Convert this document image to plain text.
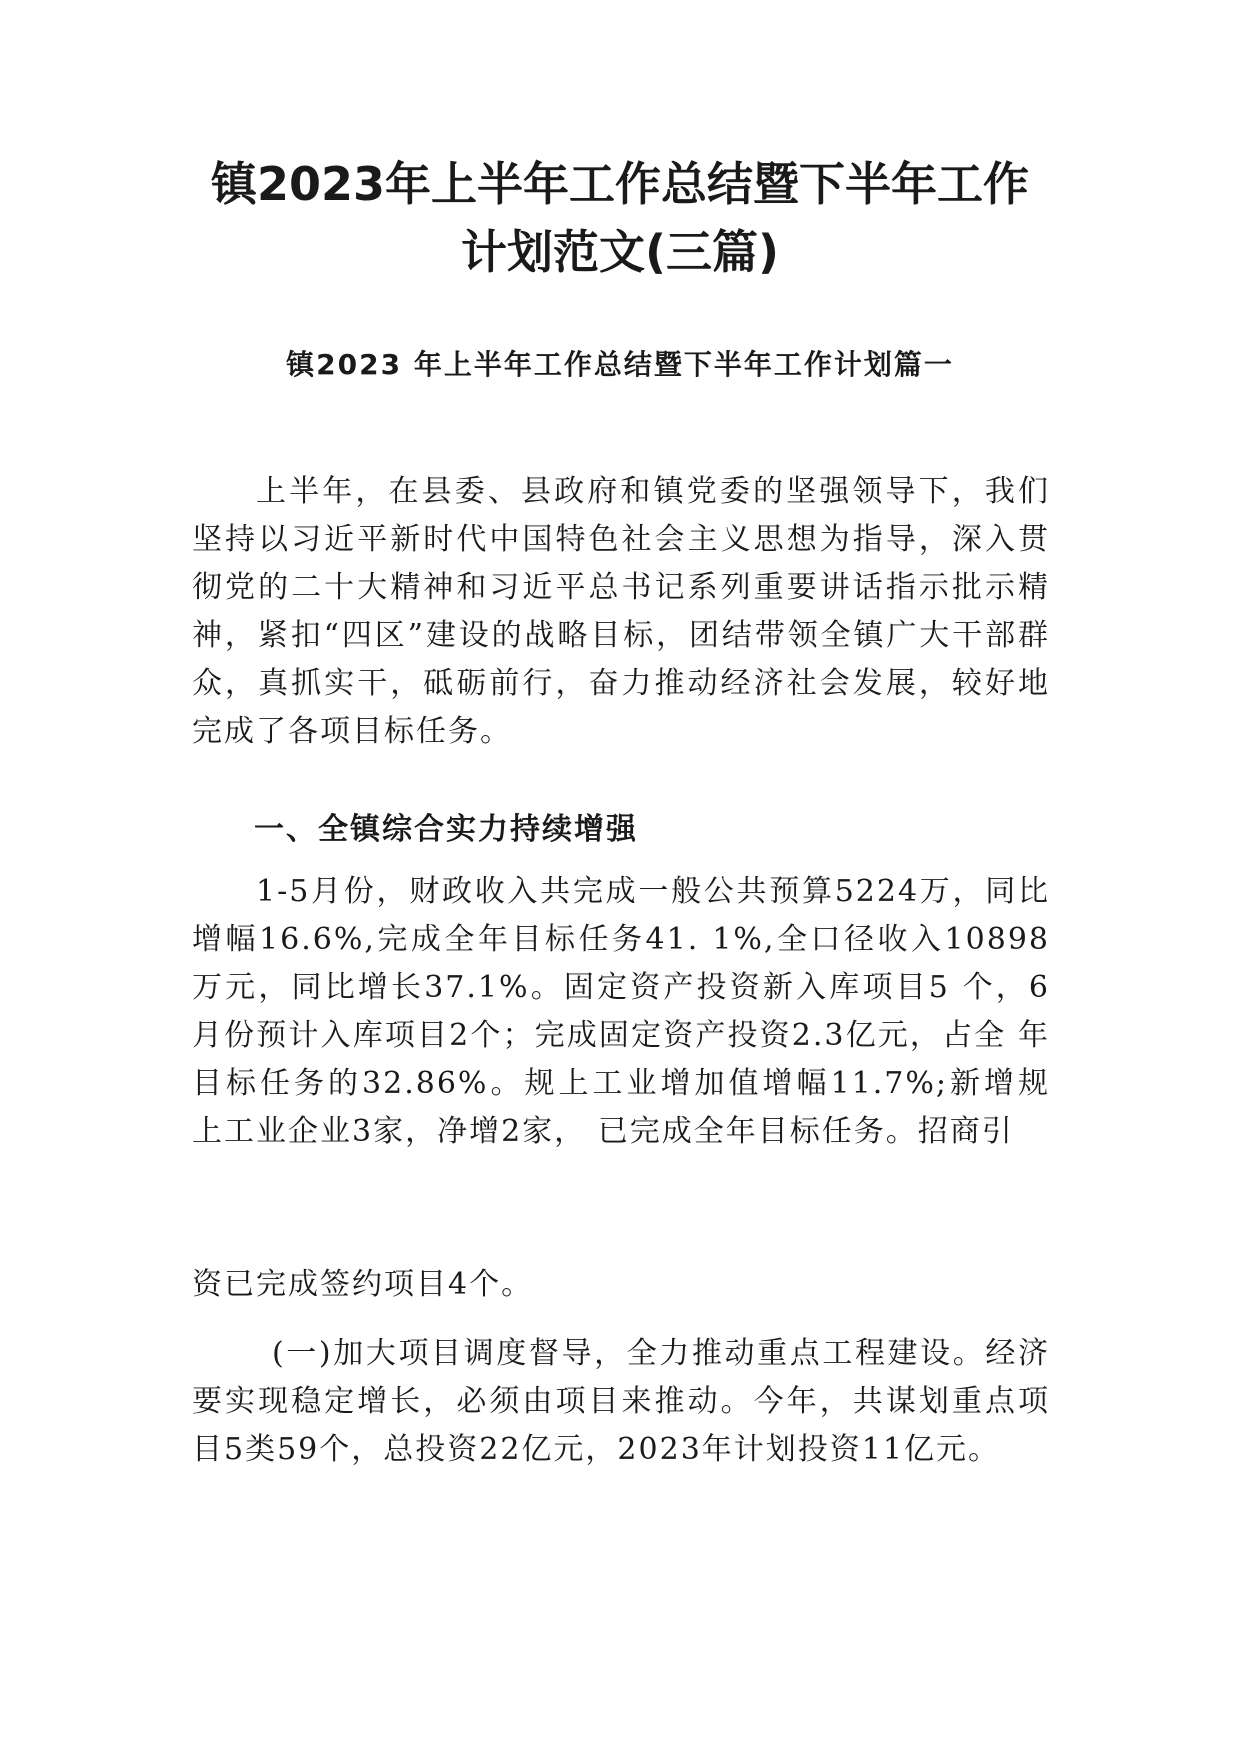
镇2023年上半年工作总结暨下半年工作
计划范文(三篇)
镇2023 年上半年工作总结暨下半年工作计划篇一

上半年，在县委、县政府和镇党委的坚强领导下，我们坚持以习近平新时代中国特色社会主义思想为指导，深入贯彻党的二十大精神和习近平总书记系列重要讲话指示批示精神，紧扣“四区”建设的战略目标，团结带领全镇广大干部群众，真抓实干，砥砺前行，奋力推动经济社会发展，较好地完成了各项目标任务。

一、全镇综合实力持续增强

1-5月份，财政收入共完成一般公共预算5224万，同比 增幅16.6%,完成全年目标任务41. 1%,全口径收入10898 万元，同比增长37.1%。固定资产投资新入库项目5 个，6 月份预计入库项目2个；完成固定资产投资2.3亿元，占全 年目标任务的32.86%。规上工业增加值增幅11.7%;新增规 上工业企业3家，净增2家， 已完成全年目标任务。招商引

资已完成签约项目4个。

(一)加大项目调度督导，全力推动重点工程建设。经济要实现稳定增长，必须由项目来推动。今年，共谋划重点项目5类59个，总投资22亿元，2023年计划投资11亿元。
